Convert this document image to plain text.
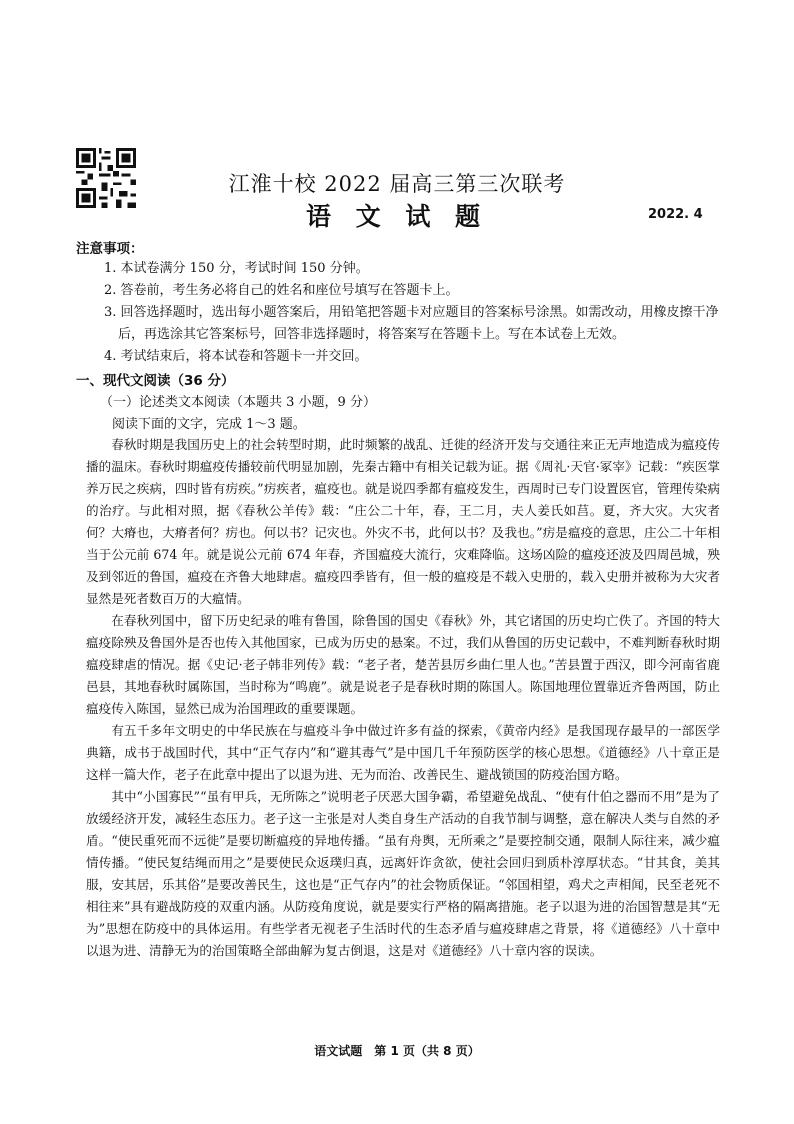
江淮十校 2022 届高三第三次联考
语 文 试 题	2022. 4
注意事项：
1. 本试卷满分 150 分，考试时间 150 分钟。
2. 答卷前，考生务必将自己的姓名和座位号填写在答题卡上。
3. 回答选择题时，选出每小题答案后，用铅笔把答题卡对应题目的答案标号涂黑。如需改动，用橡皮擦干净后，再选涂其它答案标号，回答非选择题时，将答案写在答题卡上。写在本试卷上无效。
4. 考试结束后，将本试卷和答题卡一并交回。
一、现代文阅读（36 分）
（一）论述类文本阅读（本题共 3 小题，9 分）
阅读下面的文字，完成 1～3 题。

春秋时期是我国历史上的社会转型时期，此时频繁的战乱、迁徙的经济开发与交通往来正无声地造成为瘟疫传播的温床。春秋时期瘟疫传播较前代明显加剧，先秦古籍中有相关记载为证。据《周礼·天官·冢宰》记载：“疾医掌养万民之疾病，四时皆有疠疾。”疠疾者，瘟疫也。就是说四季都有瘟疫发生，西周时已专门设置医官，管理传染病的治疗。与此相对照，据《春秋公羊传》载：“庄公二十年，春，王二月，夫人姜氏如莒。夏，齐大灾。大灾者何？大瘠也，大瘠者何？疠也。何以书？记灾也。外灾不书，此何以书？及我也。”疠是瘟疫的意思，庄公二十年相当于公元前 674 年。就是说公元前 674 年春，齐国瘟疫大流行，灾难降临。这场凶险的瘟疫还波及四周邑城，殃及到邻近的鲁国，瘟疫在齐鲁大地肆虐。瘟疫四季皆有，但一般的瘟疫是不载入史册的，载入史册并被称为大灾者显然是死者数百万的大瘟情。

在春秋列国中，留下历史纪录的唯有鲁国，除鲁国的国史《春秋》外，其它诸国的历史均亡佚了。齐国的特大瘟疫除殃及鲁国外是否也传入其他国家，已成为历史的悬案。不过，我们从鲁国的历史记载中，不难判断春秋时期瘟疫肆虐的情况。据《史记·老子韩非列传》载：“老子者，楚苦县厉乡曲仁里人也。”苦县置于西汉，即今河南省鹿邑县，其地春秋时属陈国，当时称为“鸣鹿”。就是说老子是春秋时期的陈国人。陈国地理位置靠近齐鲁两国，防止瘟疫传入陈国，显然已成为治国理政的重要课题。

有五千多年文明史的中华民族在与瘟疫斗争中做过许多有益的探索，《黄帝内经》是我国现存最早的一部医学典籍，成书于战国时代，其中“正气存内”和“避其毒气”是中国几千年预防医学的核心思想。《道德经》八十章正是这样一篇大作，老子在此章中提出了以退为进、无为而治、改善民生、避战锁国的防疫治国方略。

其中“小国寡民”“虽有甲兵，无所陈之”说明老子厌恶大国争霸，希望避免战乱、“使有什伯之器而不用”是为了放缓经济开发，减轻生态压力。老子这一主张是对人类自身生产活动的自我节制与调整，意在解决人类与自然的矛盾。“使民重死而不远徙”是要切断瘟疫的异地传播。“虽有舟舆，无所乘之”是要控制交通，限制人际往来，减少瘟情传播。“使民复结绳而用之”是要使民众返璞归真，远离奸诈贪欲，使社会回归到质朴淳厚状态。“甘其食，美其服，安其居，乐其俗”是要改善民生，这也是“正气存内”的社会物质保证。“邻国相望，鸡犬之声相闻，民至老死不相往来”具有避战防疫的双重内涵。从防疫角度说，就是要实行严格的隔离措施。老子以退为进的治国智慧是其“无为”思想在防疫中的具体运用。有些学者无视老子生活时代的生态矛盾与瘟疫肆虐之背景，将《道德经》八十章中以退为进、清静无为的治国策略全部曲解为复古倒退，这是对《道德经》八十章内容的误读。

语文试题　第 1 页（共 8 页）
